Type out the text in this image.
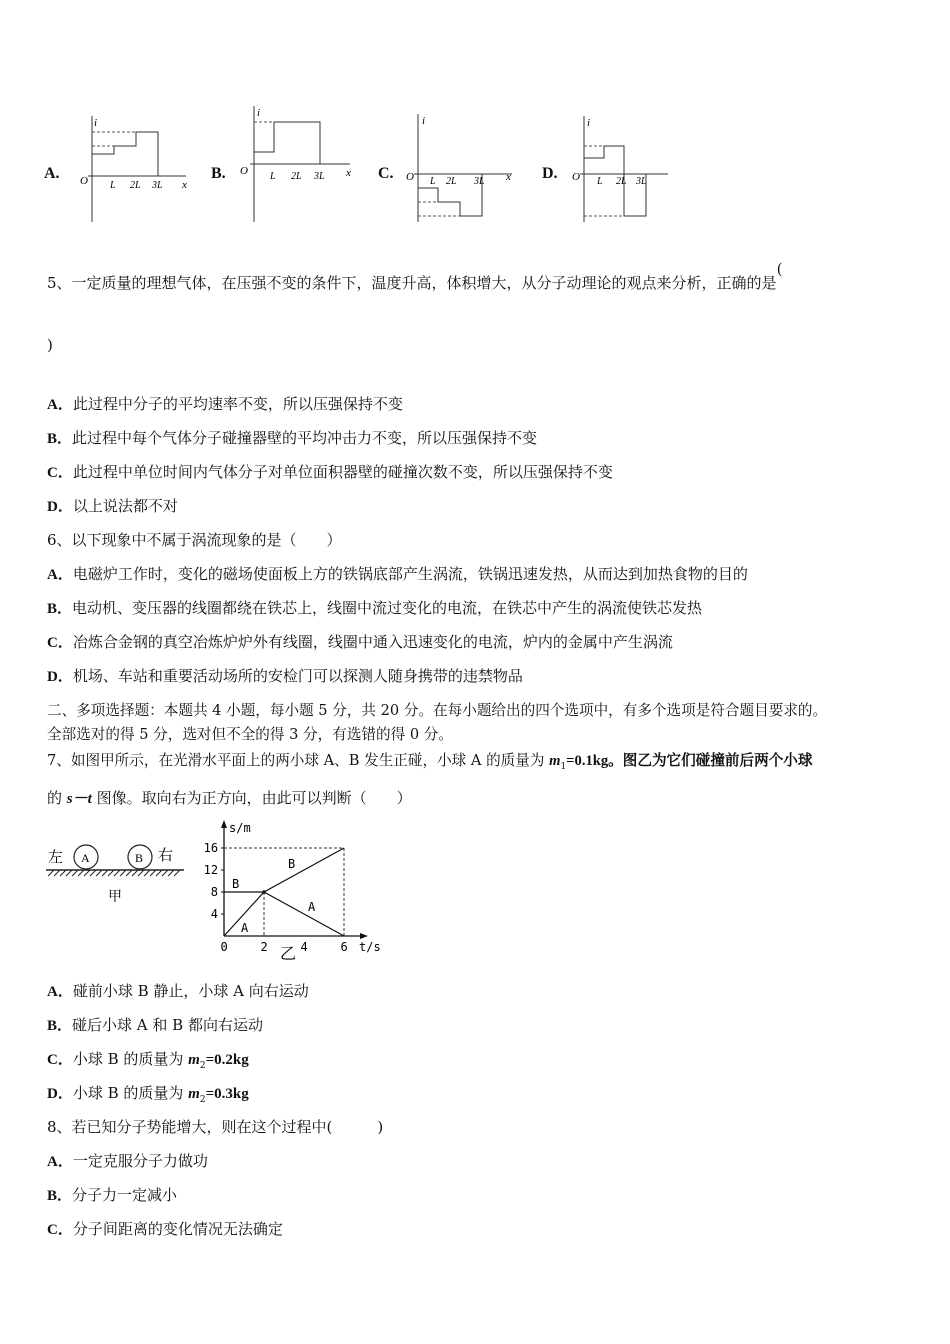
A.
i
x
O L 2L 3L
B.
i
x
O L 2L 3L	C.
i
x
O L 2L 3L	D.
i
O L 2L 3L
5、一定质量的理想气体，在压强不变的条件下，温度升高，体积增大，从分子动理论的观点来分析，正确的是(
)
A．此过程中分子的平均速率不变，所以压强保持不变
B．此过程中每个气体分子碰撞器壁的平均冲击力不变，所以压强保持不变
C．此过程中单位时间内气体分子对单位面积器壁的碰撞次数不变，所以压强保持不变
D．以上说法都不对
6、以下现象中不属于涡流现象的是（　　）
A．电磁炉工作时，变化的磁场使面板上方的铁锅底部产生涡流，铁锅迅速发热，从而达到加热食物的目的
B．电动机、变压器的线圈都绕在铁芯上，线圈中流过变化的电流，在铁芯中产生的涡流使铁芯发热
C．冶炼合金钢的真空冶炼炉炉外有线圈，线圈中通入迅速变化的电流，炉内的金属中产生涡流
D．机场、车站和重要活动场所的安检门可以探测人随身携带的违禁物品
二、多项选择题：本题共 4 小题，每小题 5 分，共 20 分。在每小题给出的四个选项中，有多个选项是符合题目要求的。
全部选对的得 5 分，选对但不全的得 3 分，有选错的得 0 分。
7、如图甲所示，在光滑水平面上的两小球 A、B 发生正碰，小球 A 的质量为 $m_1=0.1kg$。图乙为它们碰撞前后两个小球
的 s－t 图像。取向右为正方向，由此可以判断（　　）
左 A	B 右
甲
s/m
t/s
0	2	4	6
4
8
12
16
A
A
B
B
乙
A．碰前小球 B 静止，小球 A 向右运动
B．碰后小球 A 和 B 都向右运动
C．小球 B 的质量为 $m_2=0.2kg$
D．小球 B 的质量为 $m_2=0.3kg$
8、若已知分子势能增大，则在这个过程中(　　　)
A．一定克服分子力做功
B．分子力一定减小
C．分子间距离的变化情况无法确定
